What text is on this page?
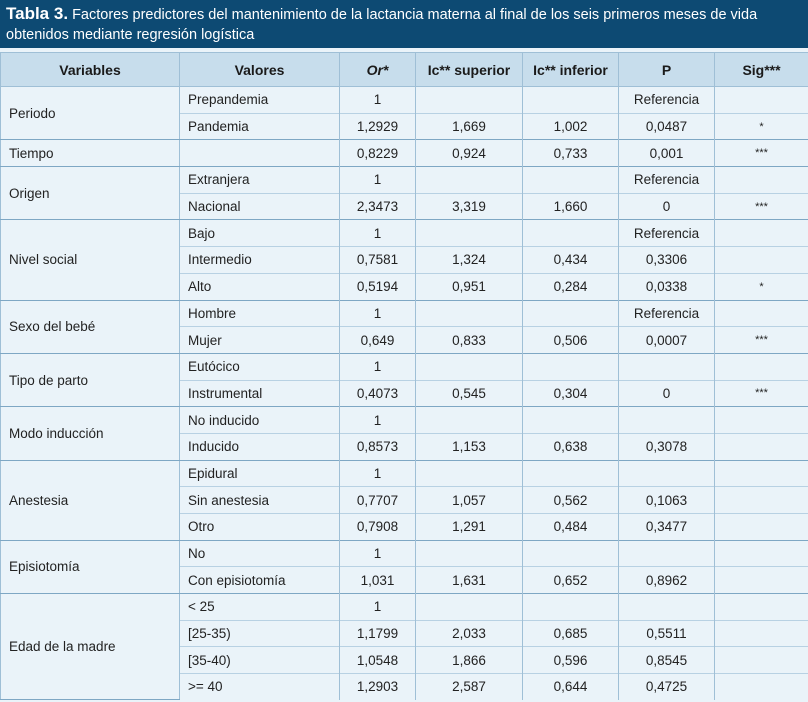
Tabla 3. Factores predictores del mantenimiento de la lactancia materna al final de los seis primeros meses de vida obtenidos mediante regresión logística
Variables	Valores	Or*	Ic** superior	Ic** inferior	P	Sig***
Periodo	Prepandemia	1			Referencia	
	Pandemia	1,2929	1,669	1,002	0,0487	*
Tiempo		0,8229	0,924	0,733	0,001	***
Origen	Extranjera	1			Referencia	
	Nacional	2,3473	3,319	1,660	0	***
Nivel social	Bajo	1			Referencia	
	Intermedio	0,7581	1,324	0,434	0,3306	
	Alto	0,5194	0,951	0,284	0,0338	*
Sexo del bebé	Hombre	1			Referencia	
	Mujer	0,649	0,833	0,506	0,0007	***
Tipo de parto	Eutócico	1				
	Instrumental	0,4073	0,545	0,304	0	***
Modo inducción	No inducido	1				
	Inducido	0,8573	1,153	0,638	0,3078	
Anestesia	Epidural	1				
	Sin anestesia	0,7707	1,057	0,562	0,1063	
	Otro	0,7908	1,291	0,484	0,3477	
Episiotomía	No	1				
	Con episiotomía	1,031	1,631	0,652	0,8962	
Edad de la madre	< 25	1				
	[25-35)	1,1799	2,033	0,685	0,5511	
	[35-40)	1,0548	1,866	0,596	0,8545	
	>= 40	1,2903	2,587	0,644	0,4725	
